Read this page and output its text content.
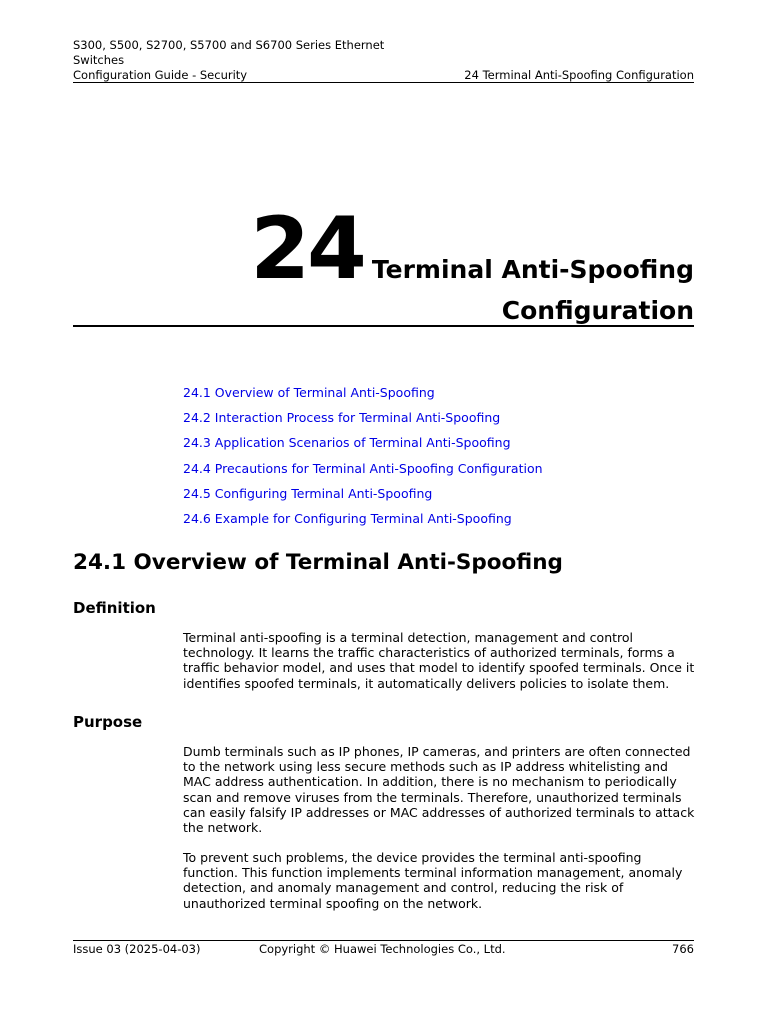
S300, S500, S2700, S5700 and S6700 Series Ethernet
Switches
Configuration Guide - Security	24 Terminal Anti-Spoofing Configuration
24 Terminal Anti-Spoofing
Configuration
24.1 Overview of Terminal Anti-Spoofing
24.2 Interaction Process for Terminal Anti-Spoofing
24.3 Application Scenarios of Terminal Anti-Spoofing
24.4 Precautions for Terminal Anti-Spoofing Configuration
24.5 Configuring Terminal Anti-Spoofing
24.6 Example for Configuring Terminal Anti-Spoofing
24.1 Overview of Terminal Anti-Spoofing
Definition

Terminal anti-spoofing is a terminal detection, management and control technology. It learns the traffic characteristics of authorized terminals, forms a traffic behavior model, and uses that model to identify spoofed terminals. Once it identifies spoofed terminals, it automatically delivers policies to isolate them.

Purpose

Dumb terminals such as IP phones, IP cameras, and printers are often connected to the network using less secure methods such as IP address whitelisting and MAC address authentication. In addition, there is no mechanism to periodically scan and remove viruses from the terminals. Therefore, unauthorized terminals can easily falsify IP addresses or MAC addresses of authorized terminals to attack the network.

To prevent such problems, the device provides the terminal anti-spoofing function. This function implements terminal information management, anomaly detection, and anomaly management and control, reducing the risk of unauthorized terminal spoofing on the network.

Issue 03 (2025-04-03)	Copyright © Huawei Technologies Co., Ltd.	766
